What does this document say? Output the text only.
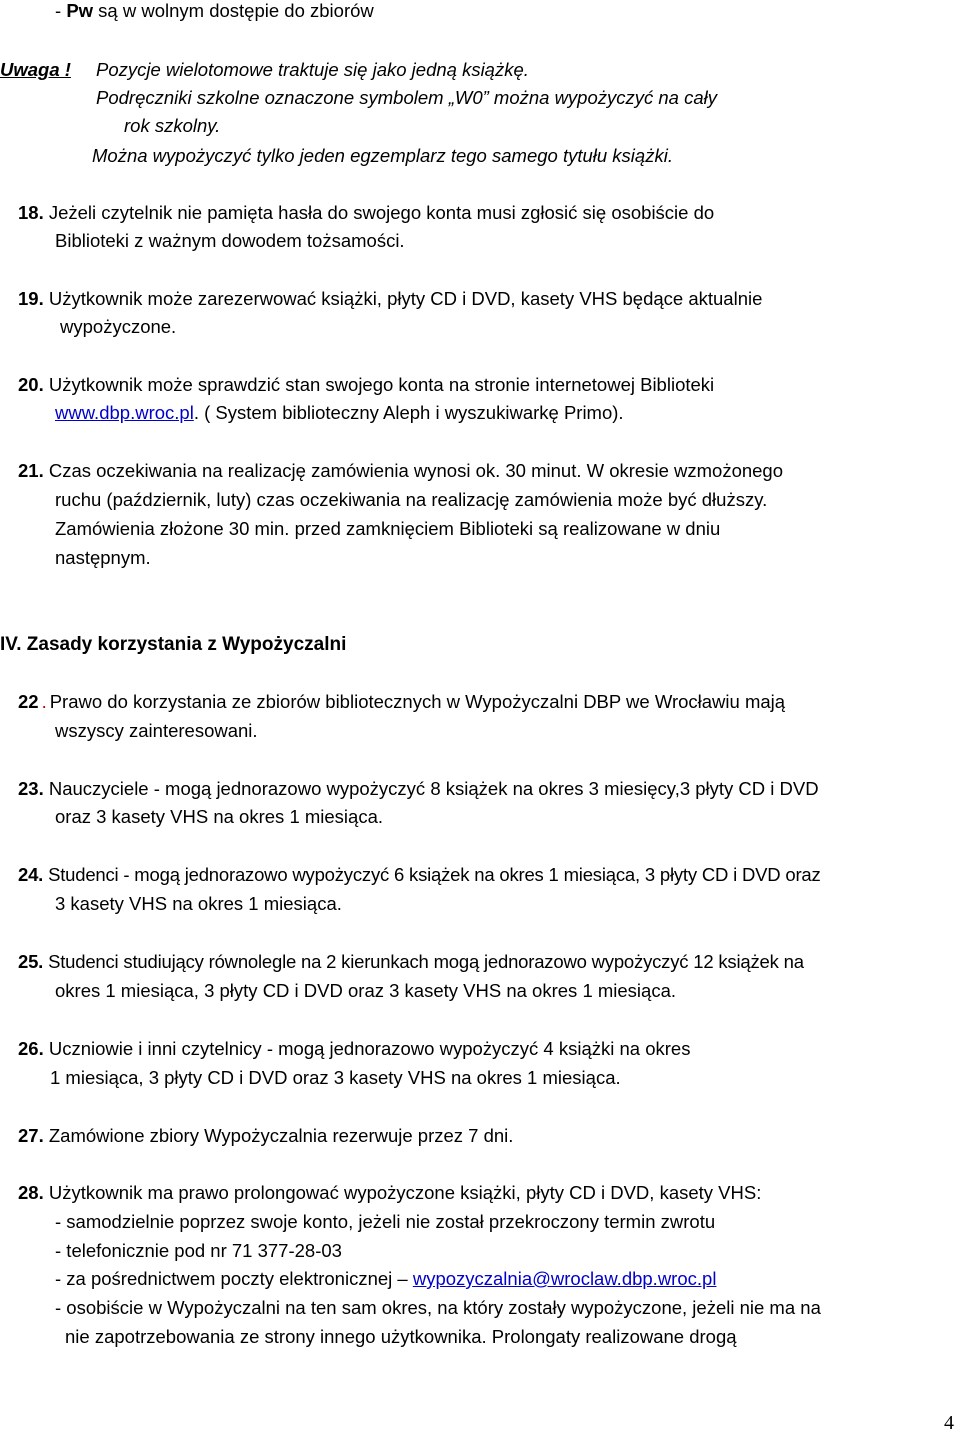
- Pw są w wolnym dostępie do zbiorów
Uwaga ! Pozycje wielotomowe traktuje się jako jedną książkę.
Podręczniki szkolne oznaczone symbolem „W0” można wypożyczyć na cały
rok szkolny.
Można wypożyczyć tylko jeden egzemplarz tego samego tytułu książki.
18. Jeżeli czytelnik nie pamięta hasła do swojego konta musi zgłosić się osobiście do
Biblioteki z ważnym dowodem tożsamości.
19. Użytkownik może zarezerwować książki, płyty CD i DVD, kasety VHS będące aktualnie
wypożyczone.
20. Użytkownik może sprawdzić stan swojego konta na stronie internetowej Biblioteki
www.dbp.wroc.pl. ( System biblioteczny Aleph i wyszukiwarkę Primo).
21. Czas oczekiwania na realizację zamówienia wynosi ok. 30 minut. W okresie wzmożonego
ruchu (październik, luty) czas oczekiwania na realizację zamówienia może być dłuższy.
Zamówienia złożone 30 min. przed zamknięciem Biblioteki są realizowane w dniu
następnym.
IV. Zasady korzystania z Wypożyczalni
22 . Prawo do korzystania ze zbiorów bibliotecznych w Wypożyczalni DBP we Wrocławiu mają
wszyscy zainteresowani.
23. Nauczyciele - mogą jednorazowo wypożyczyć 8 książek na okres 3 miesięcy,3 płyty CD i DVD
oraz 3 kasety VHS na okres 1 miesiąca.
24. Studenci - mogą jednorazowo wypożyczyć 6 książek na okres 1 miesiąca, 3 płyty CD i DVD oraz
3 kasety VHS na okres 1 miesiąca.
25. Studenci studiujący równolegle na 2 kierunkach mogą jednorazowo wypożyczyć 12 książek na
okres 1 miesiąca, 3 płyty CD i DVD oraz 3 kasety VHS na okres 1 miesiąca.
26. Uczniowie i inni czytelnicy - mogą jednorazowo wypożyczyć 4 książki na okres
1 miesiąca, 3 płyty CD i DVD oraz 3 kasety VHS na okres 1 miesiąca.
27. Zamówione zbiory Wypożyczalnia rezerwuje przez 7 dni.
28. Użytkownik ma prawo prolongować wypożyczone książki, płyty CD i DVD, kasety VHS:
- samodzielnie poprzez swoje konto, jeżeli nie został przekroczony termin zwrotu
- telefonicznie pod nr 71 377-28-03
- za pośrednictwem poczty elektronicznej – wypozyczalnia@wroclaw.dbp.wroc.pl
- osobiście w Wypożyczalni na ten sam okres, na który zostały wypożyczone, jeżeli nie ma na
nie zapotrzebowania ze strony innego użytkownika. Prolongaty realizowane drogą
4
